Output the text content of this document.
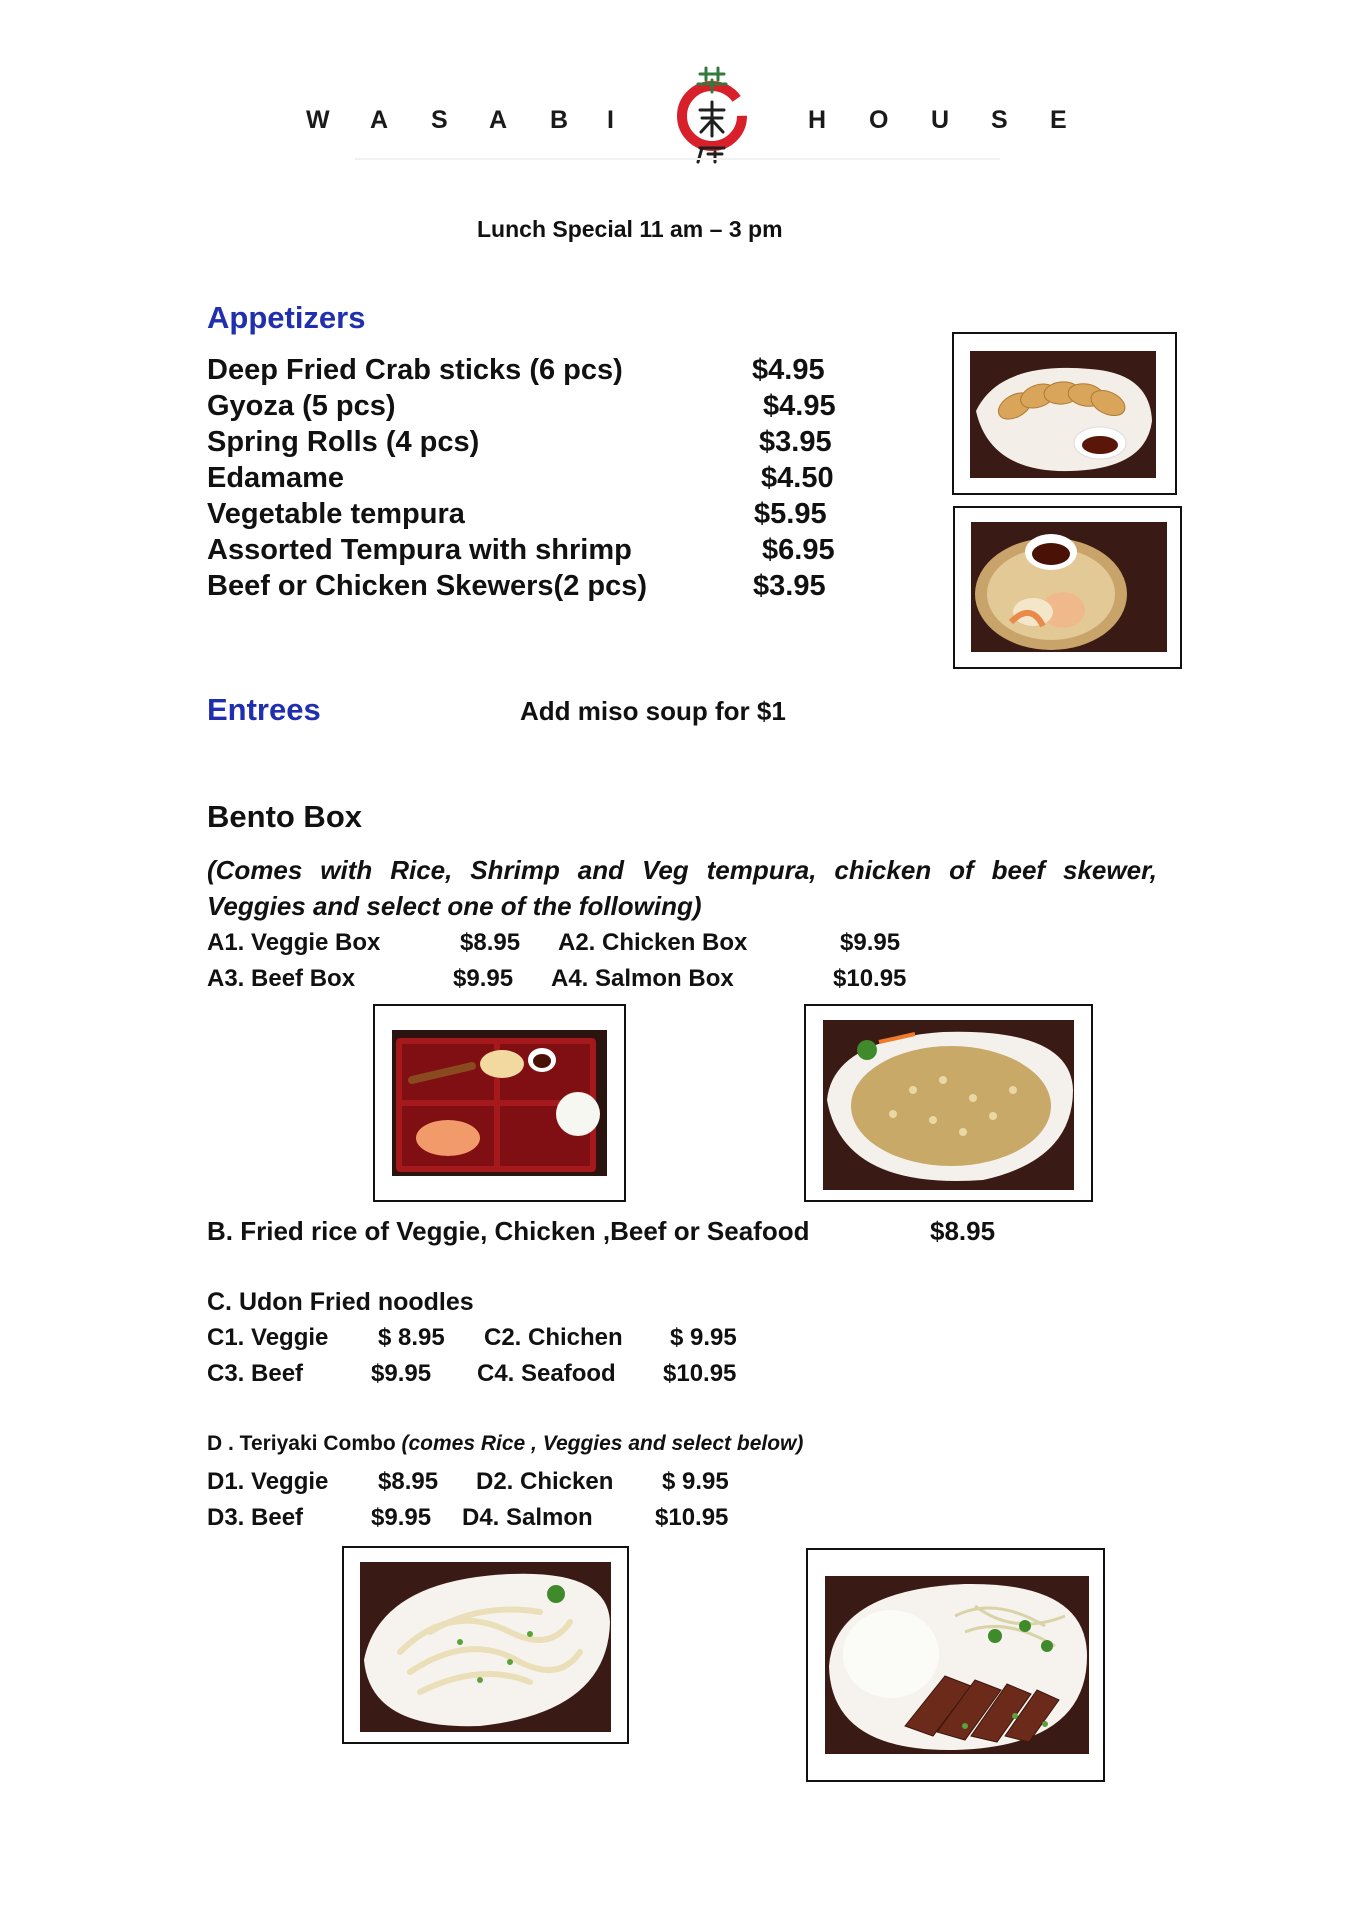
W A S A B I	H O U S E
Lunch Special 11 am – 3 pm
Appetizers
Deep Fried Crab sticks (6 pcs)	$4.95
Gyoza (5 pcs)	$4.95
Spring Rolls (4 pcs)	$3.95
Edamame	$4.50
Vegetable tempura	$5.95
Assorted Tempura with shrimp	$6.95
Beef or Chicken Skewers(2 pcs)	$3.95
Entrees	Add miso soup for $1
Bento Box
(Comes with Rice, Shrimp and Veg tempura, chicken of beef skewer,
Veggies and select one of the following)
A1. Veggie Box	$8.95 A2. Chicken Box	$9.95
A3. Beef Box	$9.95 A4. Salmon Box	$10.95
B. Fried rice of Veggie, Chicken ,Beef or Seafood	$8.95
C. Udon Fried noodles
C1. Veggie $ 8.95 C2. Chichen $ 9.95
C3. Beef	$9.95 C4. Seafood $10.95
D . Teriyaki Combo (comes Rice , Veggies and select below)
D1. Veggie $8.95 D2. Chicken $ 9.95
D3. Beef	$9.95 D4. Salmon	$10.95
